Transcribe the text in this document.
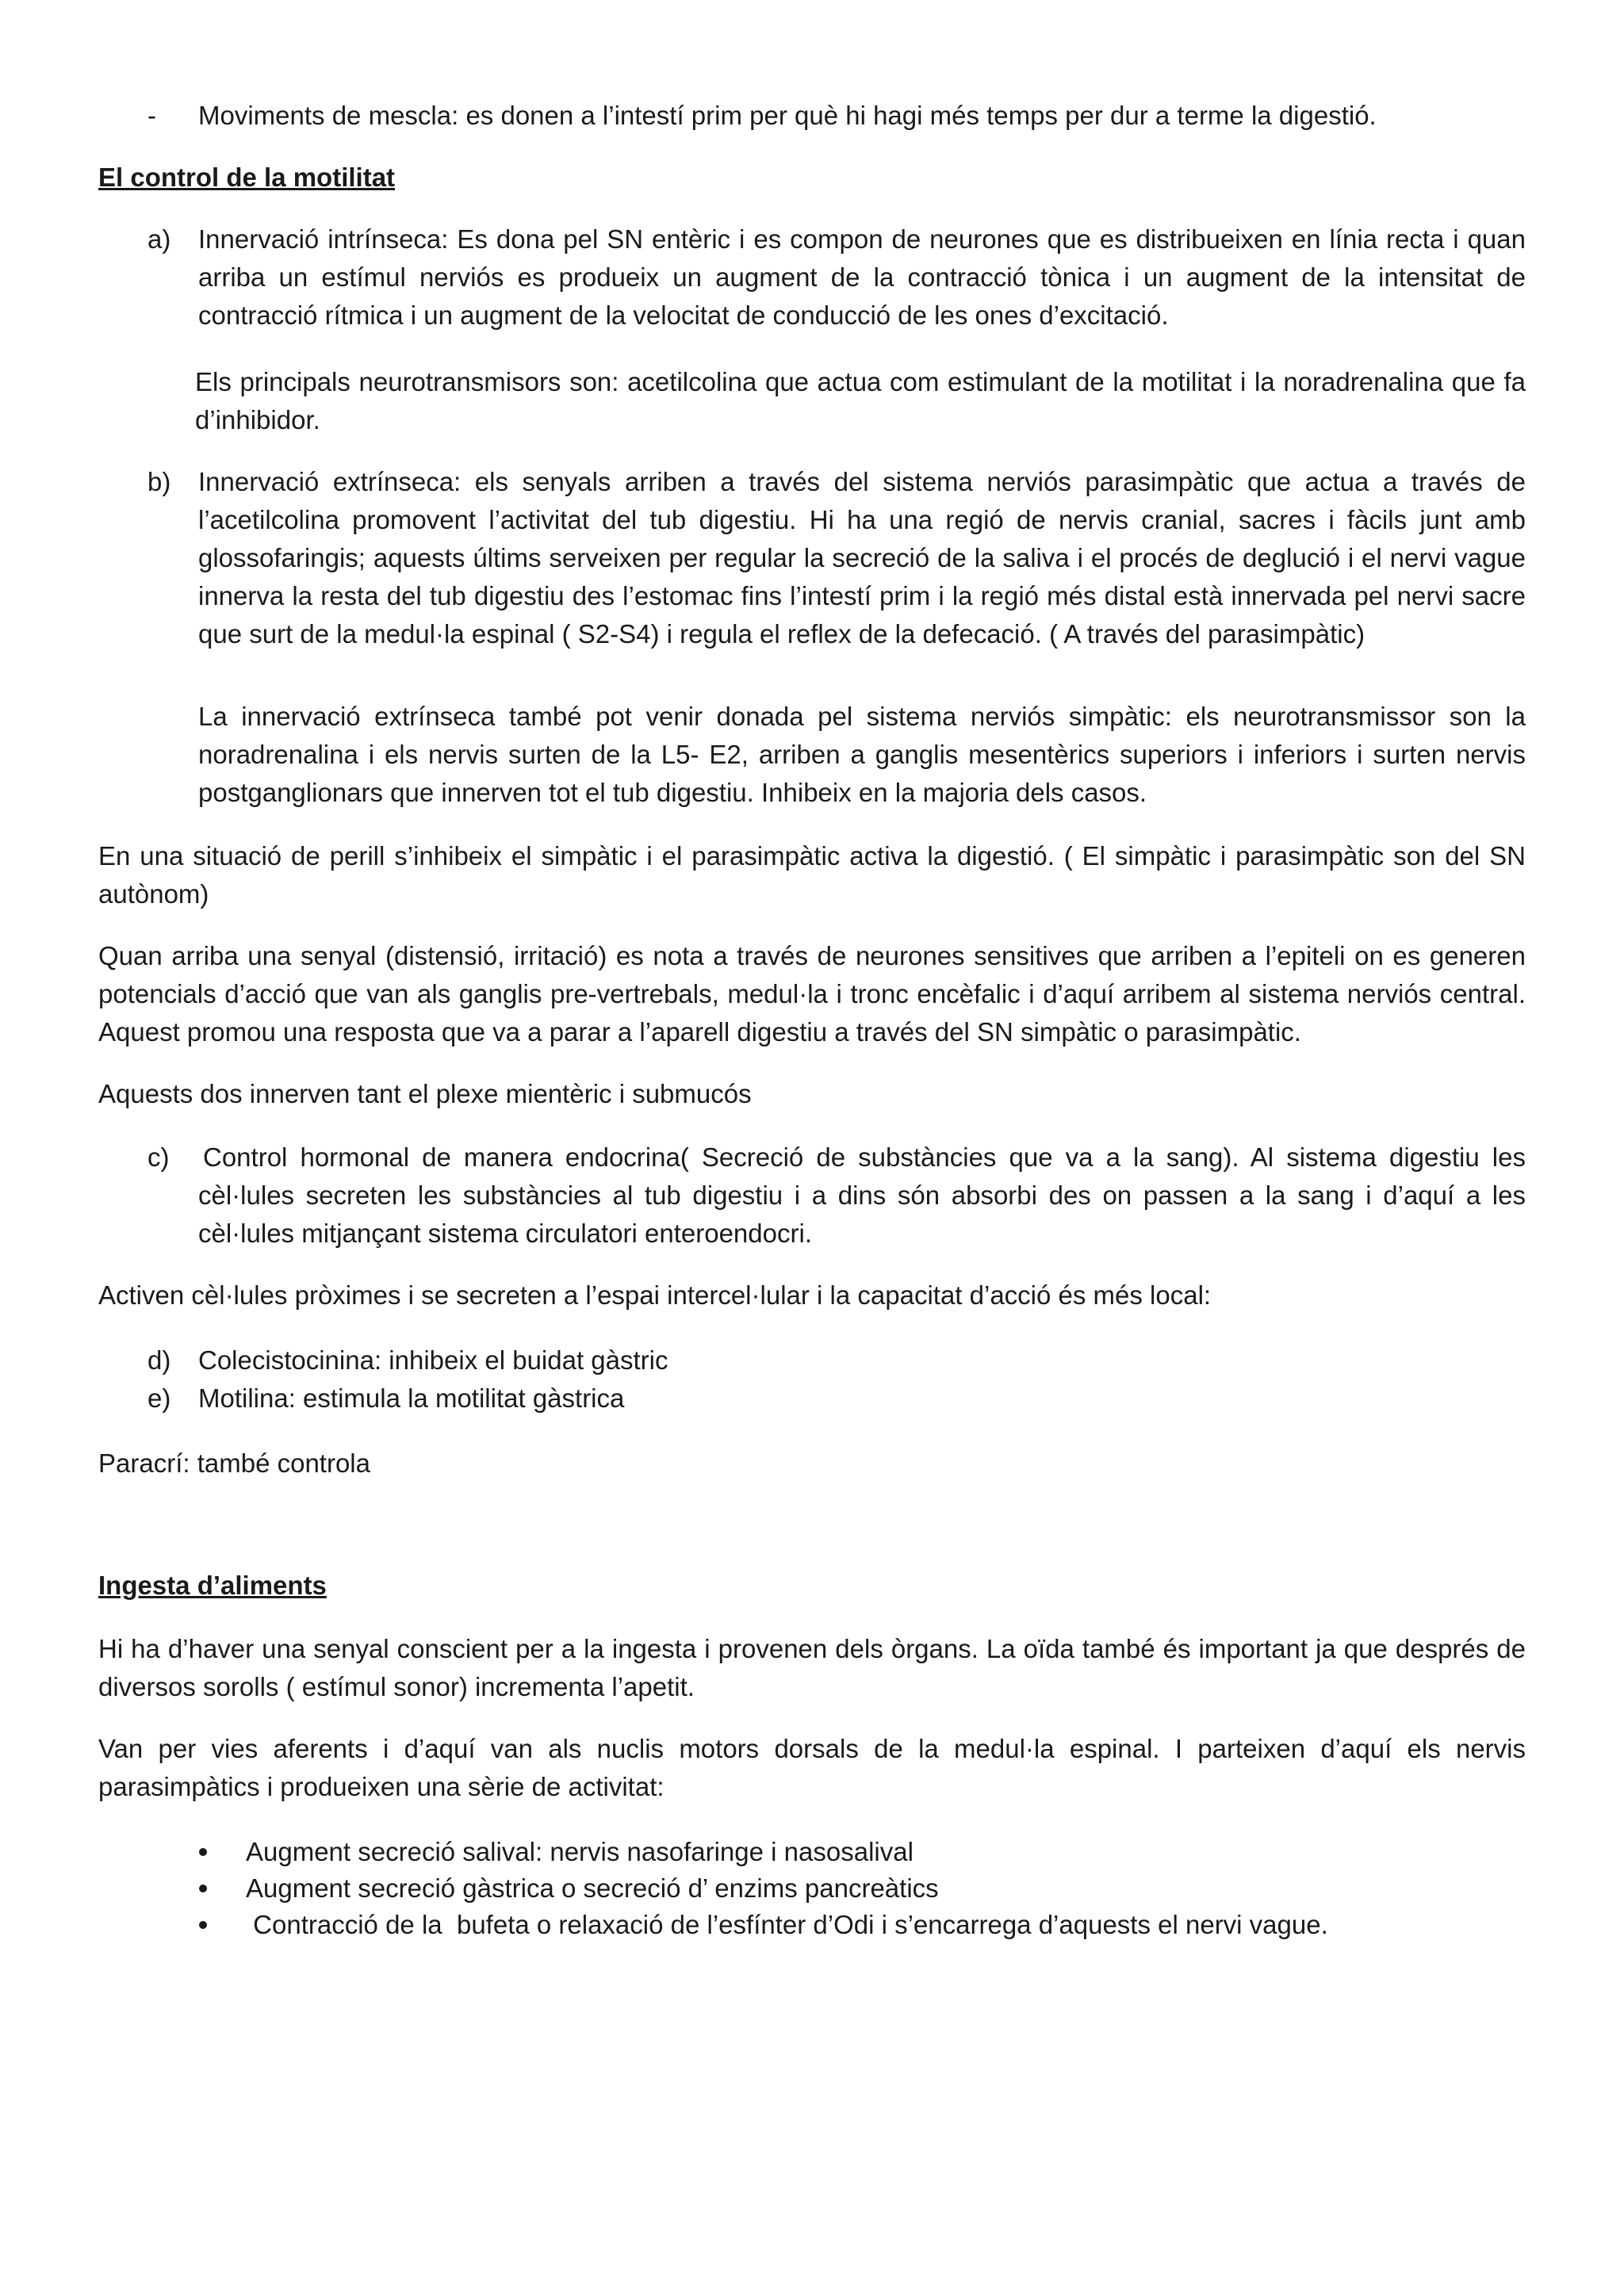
- Moviments de mescla: es donen a l’intestí prim per què hi hagi més temps per dur a terme la digestió.

El control de la motilitat

a) Innervació intrínseca: Es dona pel SN entèric i es compon de neurones que es distribueixen en línia recta i quan arriba un estímul nerviós es produeix un augment de la contracció tònica i un augment de la intensitat de contracció rítmica i un augment de la velocitat de conducció de les ones d’excitació.

Els principals neurotransmisors son: acetilcolina que actua com estimulant de la motilitat i la noradrenalina que fa d’inhibidor.

b) Innervació extrínseca: els senyals arriben a través del sistema nerviós parasimpàtic que actua a través de l’acetilcolina promovent l’activitat del tub digestiu. Hi ha una regió de nervis cranial, sacres i fàcils junt amb glossofaringis; aquests últims serveixen per regular la secreció de la saliva i el procés de deglució i el nervi vague innerva la resta del tub digestiu des l’estomac fins l’intestí prim i la regió més distal està innervada pel nervi sacre que surt de la medul·la espinal ( S2-S4) i regula el reflex de la defecació. ( A través del parasimpàtic)

La innervació extrínseca també pot venir donada pel sistema nerviós simpàtic: els neurotransmissor son la noradrenalina i els nervis surten de la L5- E2, arriben a ganglis mesentèrics superiors i inferiors i surten nervis postganglionars que innerven tot el tub digestiu. Inhibeix en la majoria dels casos.

En una situació de perill s’inhibeix el simpàtic i el parasimpàtic activa la digestió. ( El simpàtic i parasimpàtic son del SN autònom)

Quan arriba una senyal (distensió, irritació) es nota a través de neurones sensitives que arriben a l’epiteli on es generen potencials d’acció que van als ganglis pre-vertrebals, medul·la i tronc encèfalic i d’aquí arribem al sistema nerviós central. Aquest promou una resposta que va a parar a l’aparell digestiu a través del SN simpàtic o parasimpàtic.

Aquests dos innerven tant el plexe mientèric i submucós

c) Control hormonal de manera endocrina( Secreció de substàncies que va a la sang). Al sistema digestiu les cèl·lules secreten les substàncies al tub digestiu i a dins són absorbi des on passen a la sang i d’aquí a les cèl·lules mitjançant sistema circulatori enteroendocri.

Activen cèl·lules pròximes i se secreten a l’espai intercel·lular i la capacitat d’acció és més local:

d) Colecistocinina: inhibeix el buidat gàstric

e) Motilina: estimula la motilitat gàstrica

Paracrí: també controla

Ingesta d’aliments

Hi ha d’haver una senyal conscient per a la ingesta i provenen dels òrgans. La oïda també és important ja que després de diversos sorolls ( estímul sonor) incrementa l’apetit.

Van per vies aferents i d’aquí van als nuclis motors dorsals de la medul·la espinal. I parteixen d’aquí els nervis parasimpàtics i produeixen una sèrie de activitat:

Augment secreció salival: nervis nasofaringe i nasosalival

Augment secreció gàstrica o secreció d’ enzims pancreàtics

Contracció de la  bufeta o relaxació de l’esfínter d’Odi i s’encarrega d’aquests el nervi vague.
